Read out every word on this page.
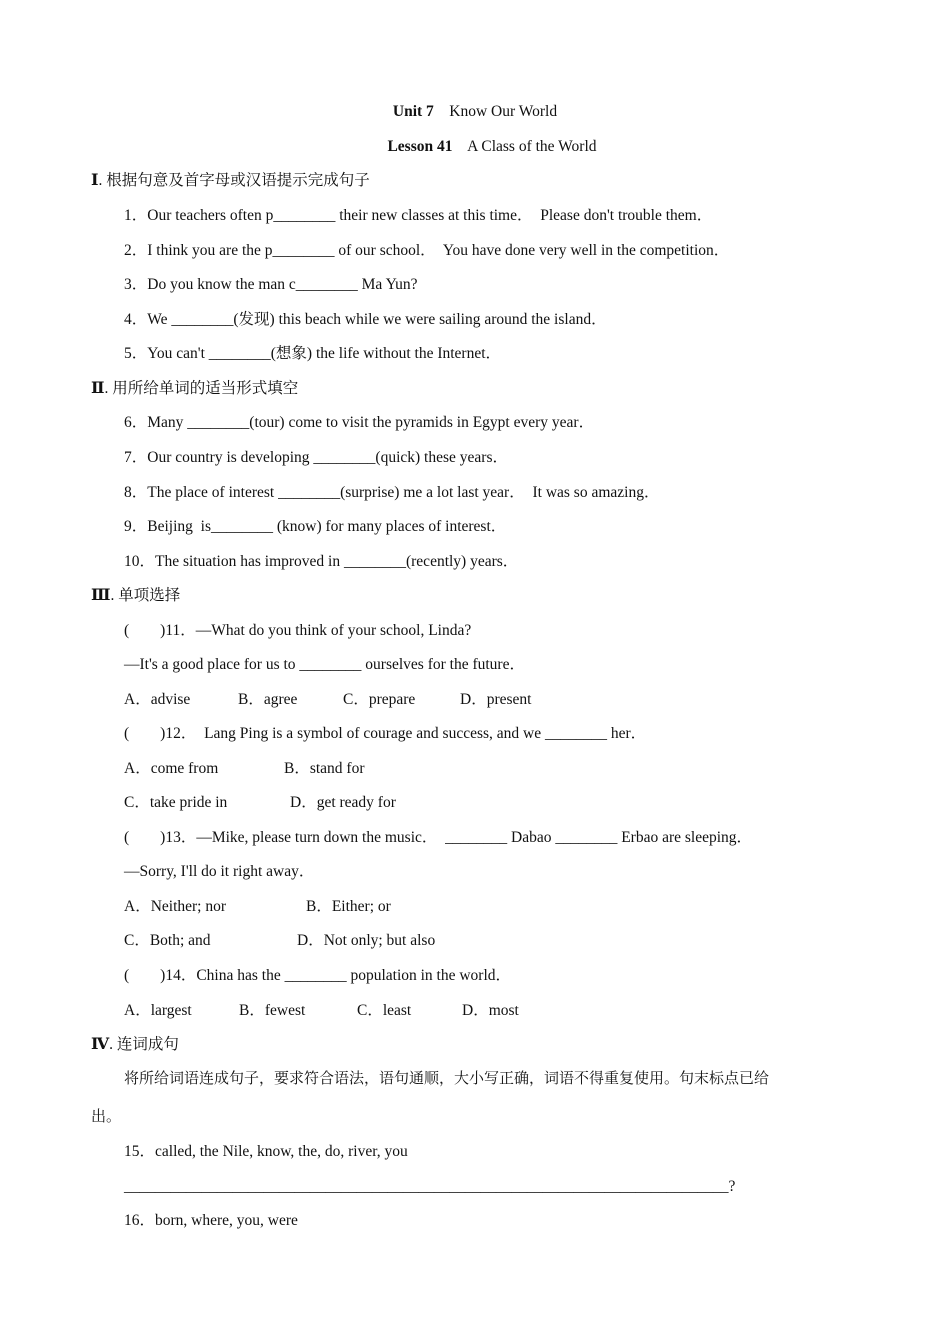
Unit 7 Know Our World
Lesson 41 A Class of the World
Ⅰ. 根据句意及首字母或汉语提示完成句子
1．Our teachers often p________ their new classes at this time．  Please don't trouble them．
2．I think you are the p________ of our school．  You have done very well in the competition．
3．Do you know the man c________ Ma Yun?
4．We ________(发现) this beach while we were sailing around the island．
5．You can't ________(想象) the life without the Internet．
Ⅱ. 用所给单词的适当形式填空
6．Many ________(tour) come to visit the pyramids in Egypt every year．
7．Our country is developing ________(quick) these years．
8．The place of interest ________(surprise) me a lot last year．  It was so amazing．
9．Beijing  is________ (know) for many places of interest．
10．The situation has improved in ________(recently) years．
Ⅲ. 单项选择
(        )11．—What do you think of your school, Linda?
—It's a good place for us to ________ ourselves for the future．
A．advise	B．agree	C．prepare	D．present
(        )12．  Lang Ping is a symbol of courage and success, and we ________ her．
A．come from	B．stand for
C．take pride in	D．get ready for
(        )13．—Mike, please turn down the music．  ________ Dabao ________ Erbao are sleeping．
—Sorry, I'll do it right away．
A．Neither; nor	B．Either; or
C．Both; and	D．Not only; but also
(        )14．China has the ________ population in the world．
A．largest	B．fewest	C．least	D．most
Ⅳ. 连词成句
将所给词语连成句子，要求符合语法，语句通顺，大小写正确，词语不得重复使用。句末标点已给
出。
15．called, the Nile, know, the, do, river, you
______________________________________________________________________________?
16．born, where, you, were
